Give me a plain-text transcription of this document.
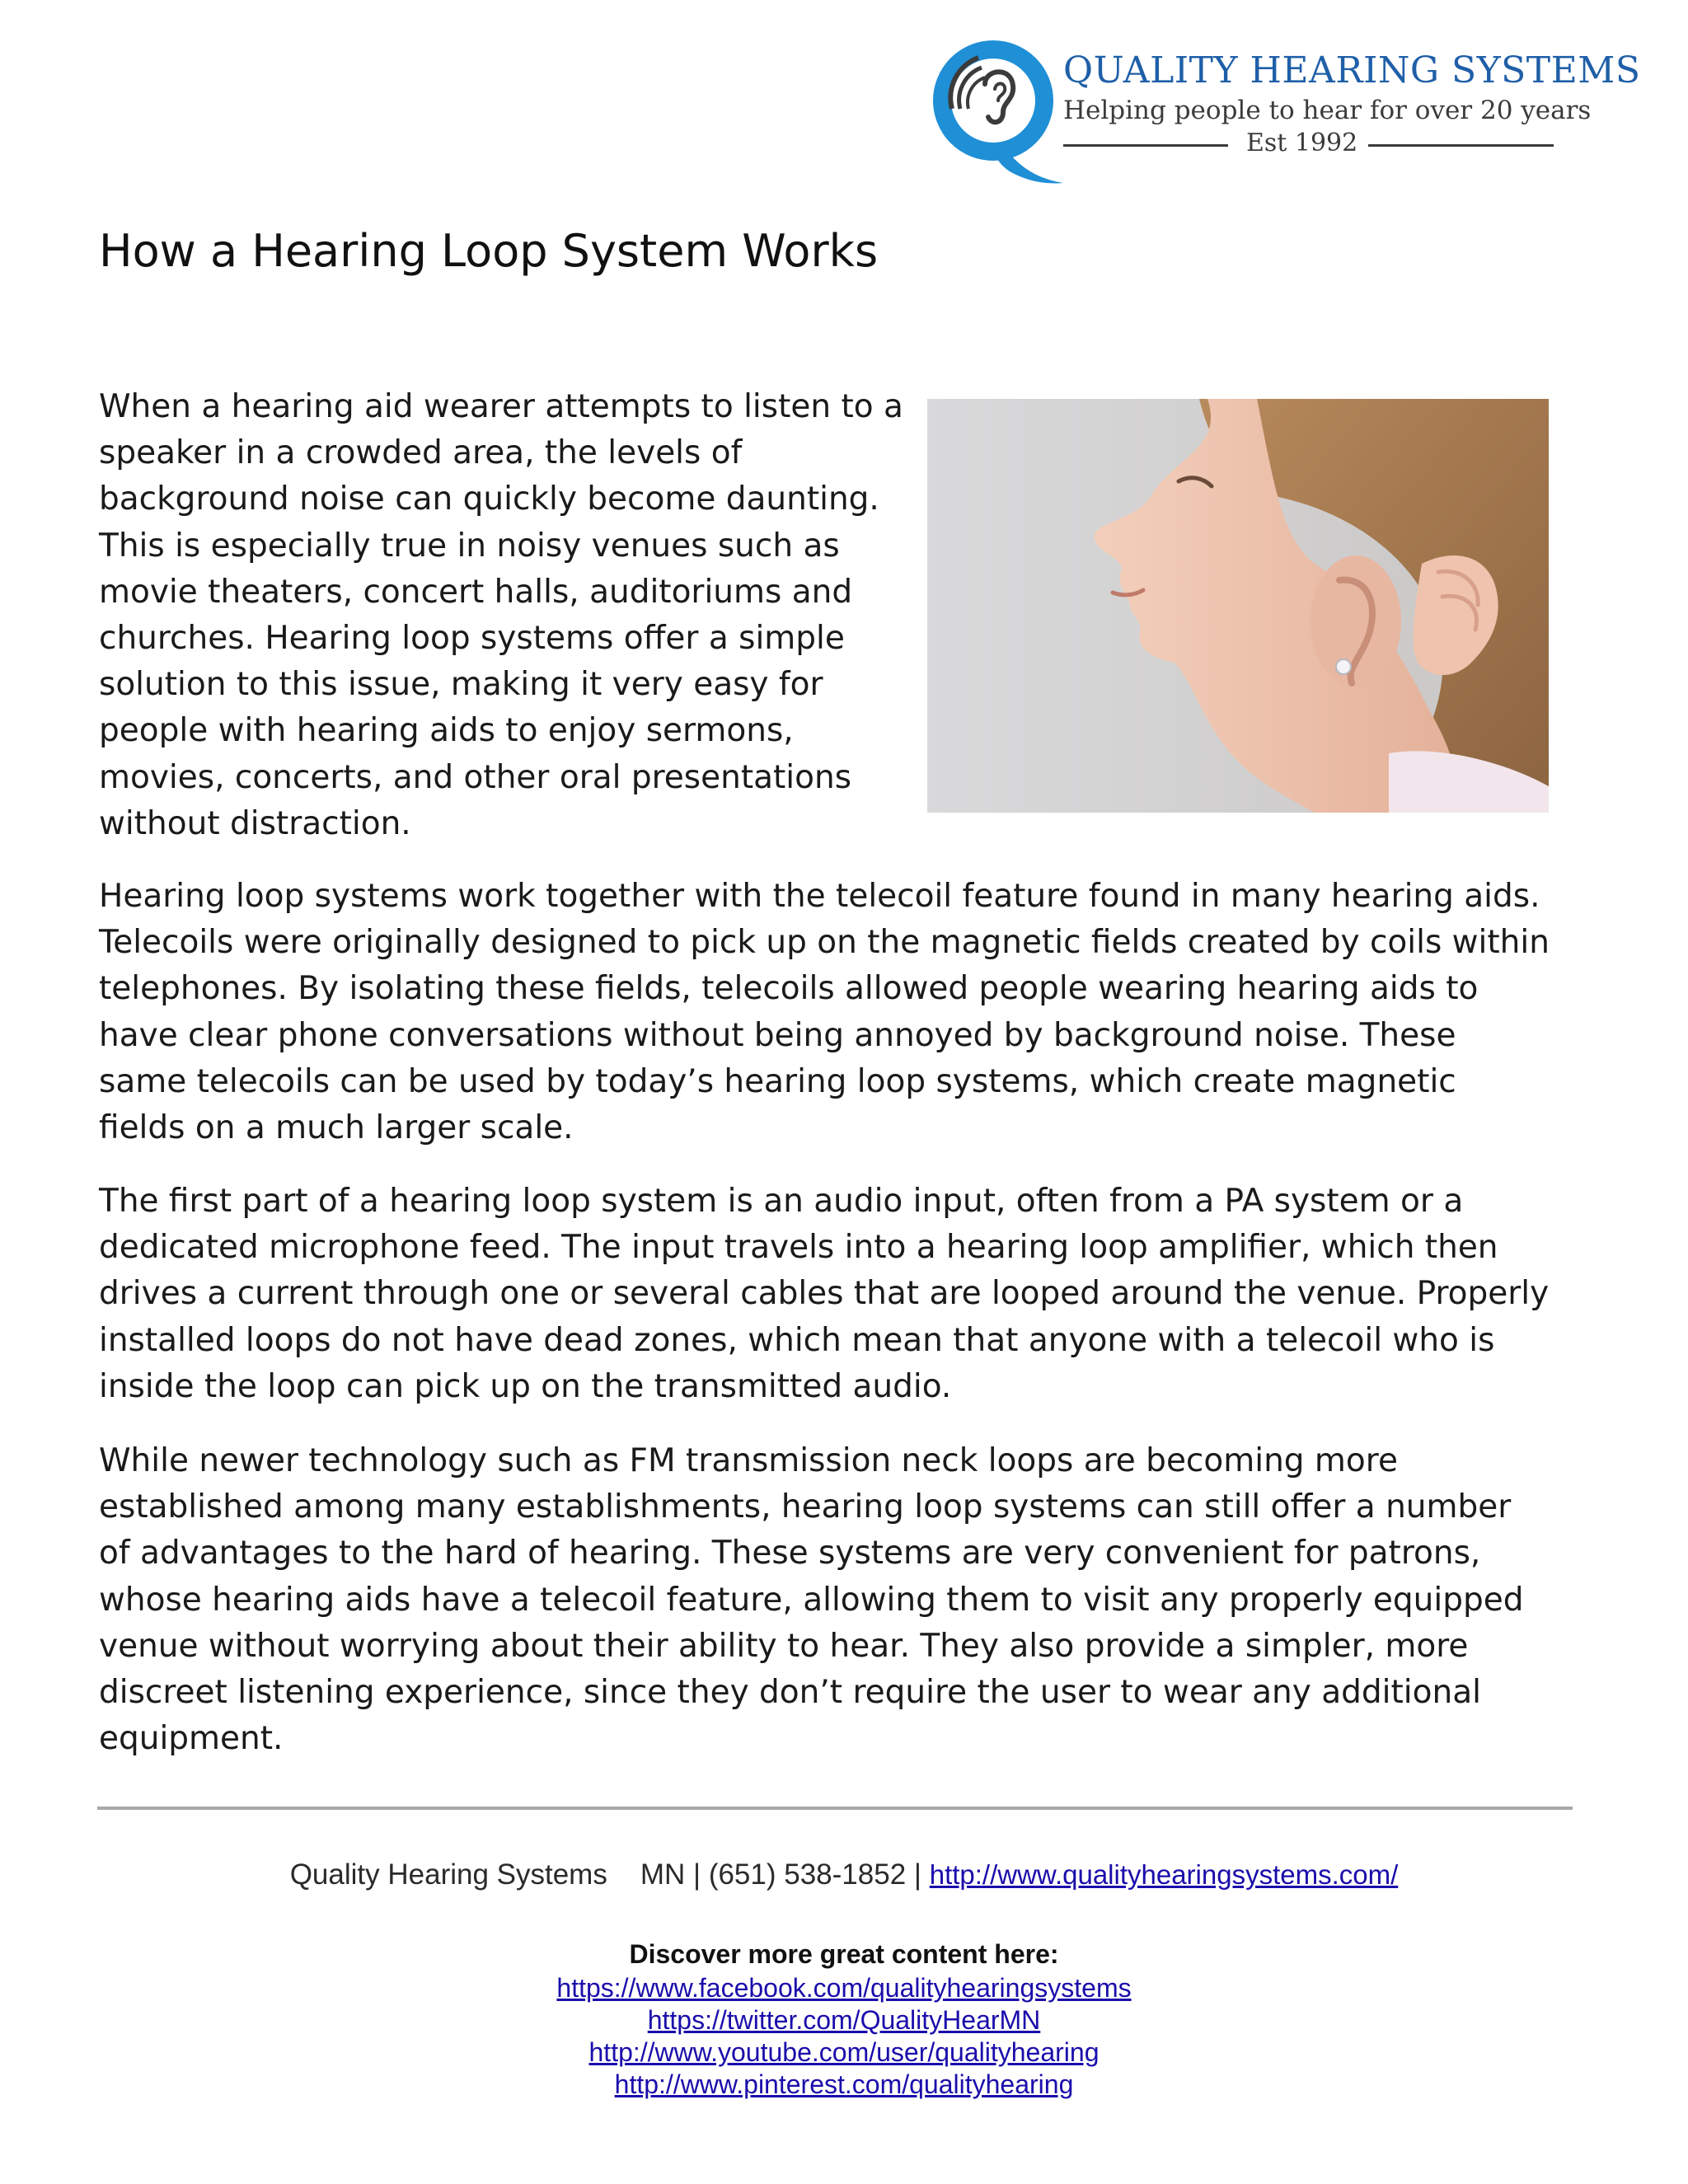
QUALITY HEARING SYSTEMS
Helping people to hear for over 20 years
Est 1992
How a Hearing Loop System Works

When a hearing aid wearer attempts to listen to a speaker in a crowded area, the levels of background noise can quickly become daunting. This is especially true in noisy venues such as movie theaters, concert halls, auditoriums and churches. Hearing loop systems offer a simple solution to this issue, making it very easy for people with hearing aids to enjoy sermons, movies, concerts, and other oral presentations without distraction.

Hearing loop systems work together with the telecoil feature found in many hearing aids. Telecoils were originally designed to pick up on the magnetic fields created by coils within telephones. By isolating these fields, telecoils allowed people wearing hearing aids to have clear phone conversations without being annoyed by background noise. These same telecoils can be used by today’s hearing loop systems, which create magnetic fields on a much larger scale.

The first part of a hearing loop system is an audio input, often from a PA system or a dedicated microphone feed. The input travels into a hearing loop amplifier, which then drives a current through one or several cables that are looped around the venue. Properly installed loops do not have dead zones, which mean that anyone with a telecoil who is inside the loop can pick up on the transmitted audio.

While newer technology such as FM transmission neck loops are becoming more established among many establishments, hearing loop systems can still offer a number of advantages to the hard of hearing. These systems are very convenient for patrons, whose hearing aids have a telecoil feature, allowing them to visit any properly equipped venue without worrying about their ability to hear. They also provide a simpler, more discreet listening experience, since they don’t require the user to wear any additional equipment.

Quality Hearing Systems MN | (651) 538-1852 | http://www.qualityhearingsystems.com/
Discover more great content here:
https://www.facebook.com/qualityhearingsystems
https://twitter.com/QualityHearMN
http://www.youtube.com/user/qualityhearing
http://www.pinterest.com/qualityhearing
